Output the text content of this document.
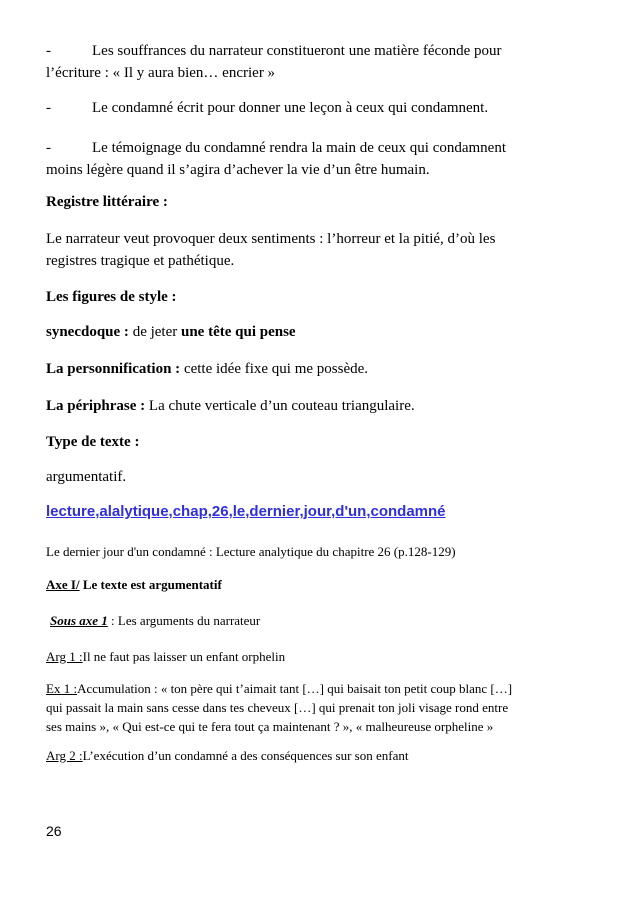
-	Les souffrances du narrateur constitueront une matière féconde pour
l’écriture : « Il y aura bien… encrier »
-	Le condamné écrit pour donner une leçon à ceux qui condamnent.
-	Le témoignage du condamné rendra la main de ceux qui condamnent
moins légère quand il s’agira d’achever la vie d’un être humain.
Registre littéraire :
Le narrateur veut provoquer deux sentiments : l’horreur et la pitié, d’où les
registres tragique et pathétique.
Les figures de style :
synecdoque : de jeter une tête qui pense
La personnification : cette idée fixe qui me possède.
La périphrase : La chute verticale d’un couteau triangulaire.
Type de texte :
argumentatif.
lecture,alalytique,chap,26,le,dernier,jour,d'un,condamné
Le dernier jour d'un condamné : Lecture analytique du chapitre 26 (p.128-129)
Axe I/ Le texte est argumentatif
Sous axe 1 : Les arguments du narrateur
Arg 1 :Il ne faut pas laisser un enfant orphelin
Ex 1 :Accumulation : « ton père qui t’aimait tant […] qui baisait ton petit coup blanc […]
qui passait la main sans cesse dans tes cheveux […] qui prenait ton joli visage rond entre
ses mains », « Qui est-ce qui te fera tout ça maintenant ? », « malheureuse orpheline »
Arg 2 :L’exécution d’un condamné a des conséquences sur son enfant
26
